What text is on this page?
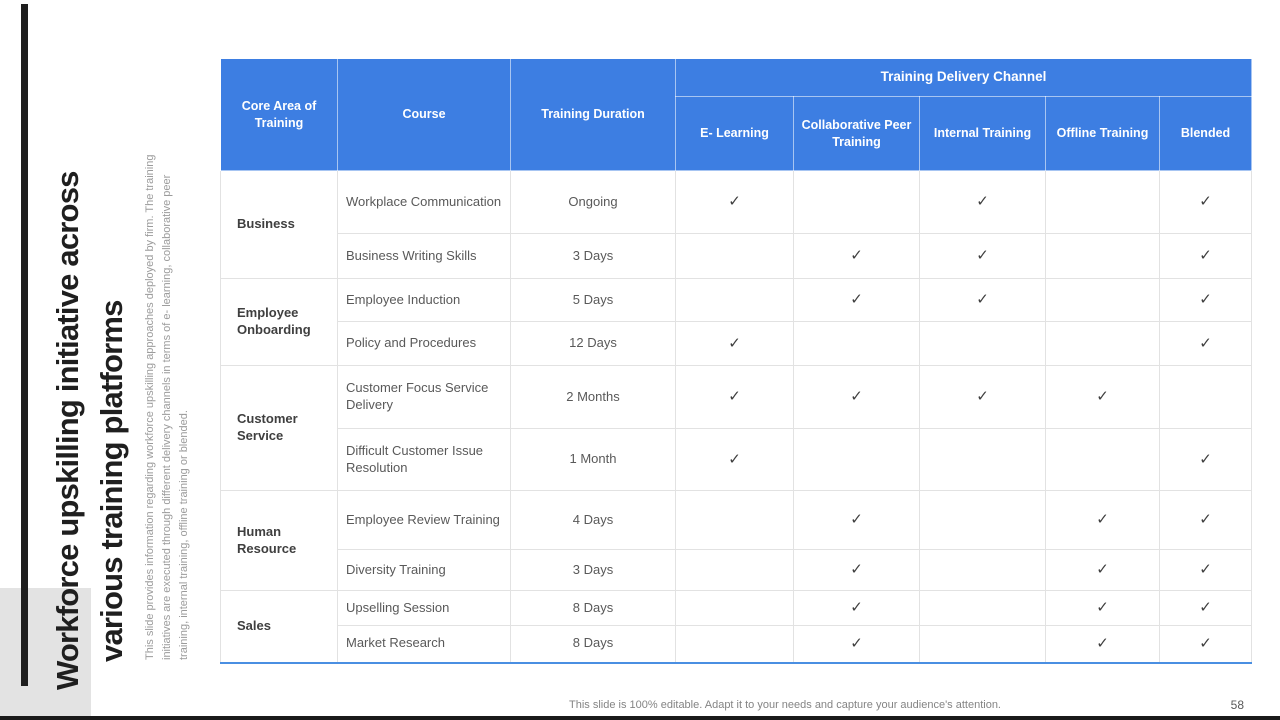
Workforce upskilling initiative across various training platforms	This slide provides information regarding workforce upskilling approaches deployed by firm. The training initiatives are executed through different delivery channels in terms of e- learning, collaborative peer training, internal training, offline training or blended.
Core Area of Training	Course	Training Duration	Training Delivery Channel				
			E- Learning	Collaborative Peer Training	Internal Training	Offline Training	Blended
Business	Workplace Communication	Ongoing	✓		✓		✓
	Business Writing Skills	3 Days		✓	✓		✓
Employee Onboarding	Employee Induction	5 Days		✓	✓		✓
	Policy and Procedures	12 Days	✓				✓
Customer Service	Customer Focus Service Delivery	2 Months	✓	✓	✓	✓	
	Difficult Customer Issue Resolution	1 Month	✓				✓
Human Resource	Employee Review Training	4 Days		✓		✓	✓
	Diversity Training	3 Days		✓		✓	✓
Sales	Upselling Session	8 Days		✓		✓	✓
	Market Research	8 Days		✓		✓	✓
This slide is 100% editable. Adapt it to your needs and capture your audience's attention.	58
